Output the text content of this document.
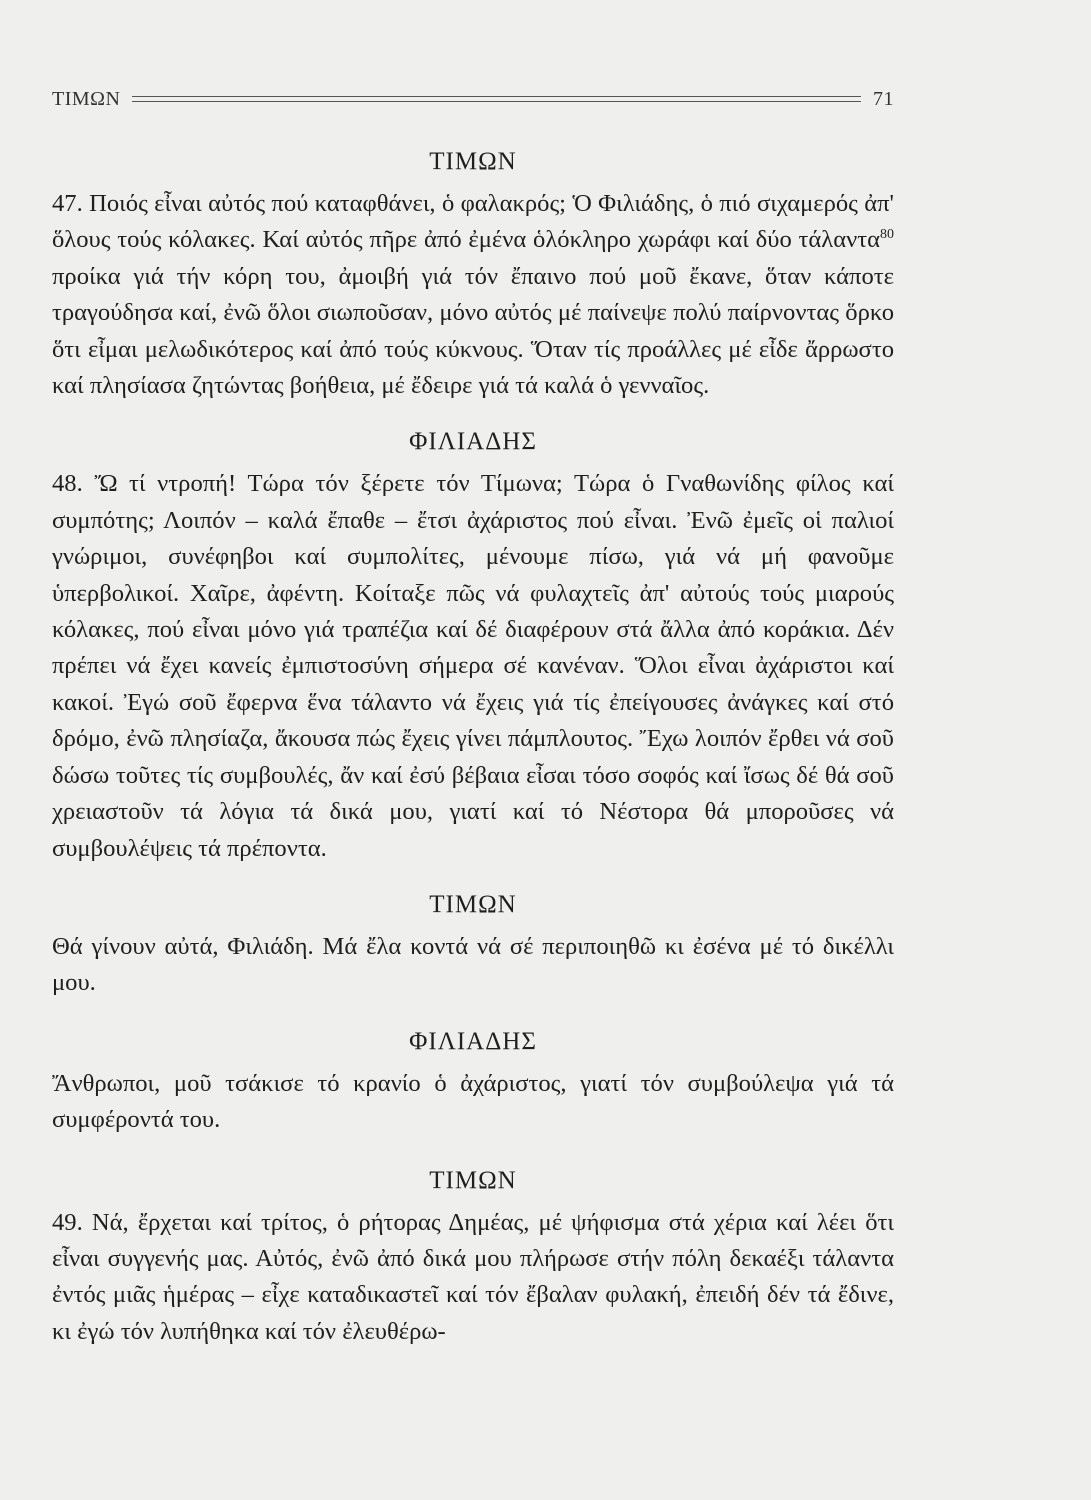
ΤΙΜΩΝ	71
ΤΙΜΩΝ

47. Ποιός εἶναι αὐτός πού καταφθάνει, ὁ φαλακρός; Ὁ Φιλιάδης, ὁ πιό σιχαμερός ἀπ' ὅλους τούς κόλακες. Καί αὐτός πῆρε ἀπό ἐμένα ὁλόκληρο χωράφι καί δύο τάλαντα$^{80}$ προίκα γιά τήν κόρη του, ἀμοιβή γιά τόν ἔπαινο πού μοῦ ἔκανε, ὅταν κάποτε τραγούδησα καί, ἐνῶ ὅλοι σιωποῦσαν, μόνο αὐτός μέ παίνεψε πολύ παίρνοντας ὅρκο ὅτι εἶμαι μελωδικότερος καί ἀπό τούς κύκνους. Ὅταν τίς προάλλες μέ εἶδε ἄρρωστο καί πλησίασα ζητώντας βοήθεια, μέ ἔδειρε γιά τά καλά ὁ γενναῖος.

ΦΙΛΙΑΔΗΣ

48. Ὤ τί ντροπή! Τώρα τόν ξέρετε τόν Τίμωνα; Τώρα ὁ Γναθωνίδης φίλος καί συμπότης; Λοιπόν – καλά ἔπαθε – ἔτσι ἀχάριστος πού εἶναι. Ἐνῶ ἐμεῖς οἱ παλιοί γνώριμοι, συνέφηβοι καί συμπολίτες, μένουμε πίσω, γιά νά μή φανοῦμε ὑπερβολικοί. Χαῖρε, ἀφέντη. Κοίταξε πῶς νά φυλαχτεῖς ἀπ' αὐτούς τούς μιαρούς κόλακες, πού εἶναι μόνο γιά τραπέζια καί δέ διαφέρουν στά ἄλλα ἀπό κοράκια. Δέν πρέπει νά ἔχει κανείς ἐμπιστοσύνη σήμερα σέ κανέναν. Ὅλοι εἶναι ἀχάριστοι καί κακοί. Ἐγώ σοῦ ἔφερνα ἕνα τάλαντο νά ἔχεις γιά τίς ἐπείγουσες ἀνάγκες καί στό δρόμο, ἐνῶ πλησίαζα, ἄκουσα πώς ἔχεις γίνει πάμπλουτος. Ἔχω λοιπόν ἔρθει νά σοῦ δώσω τοῦτες τίς συμβουλές, ἄν καί ἐσύ βέβαια εἶσαι τόσο σοφός καί ἴσως δέ θά σοῦ χρειαστοῦν τά λόγια τά δικά μου, γιατί καί τό Νέστορα θά μποροῦσες νά συμβουλέψεις τά πρέποντα.

ΤΙΜΩΝ

Θά γίνουν αὐτά, Φιλιάδη. Μά ἔλα κοντά νά σέ περιποιηθῶ κι ἐσένα μέ τό δικέλλι μου.

ΦΙΛΙΑΔΗΣ

Ἄνθρωποι, μοῦ τσάκισε τό κρανίο ὁ ἀχάριστος, γιατί τόν συμβούλεψα γιά τά συμφέροντά του.

ΤΙΜΩΝ

49. Νά, ἔρχεται καί τρίτος, ὁ ρήτορας Δημέας, μέ ψήφισμα στά χέρια καί λέει ὅτι εἶναι συγγενής μας. Αὐτός, ἐνῶ ἀπό δικά μου πλήρωσε στήν πόλη δεκαέξι τάλαντα ἐντός μιᾶς ἡμέρας – εἶχε καταδικαστεῖ καί τόν ἔβαλαν φυλακή, ἐπειδή δέν τά ἔδινε, κι ἐγώ τόν λυπήθηκα καί τόν ἐλευθέρω-
